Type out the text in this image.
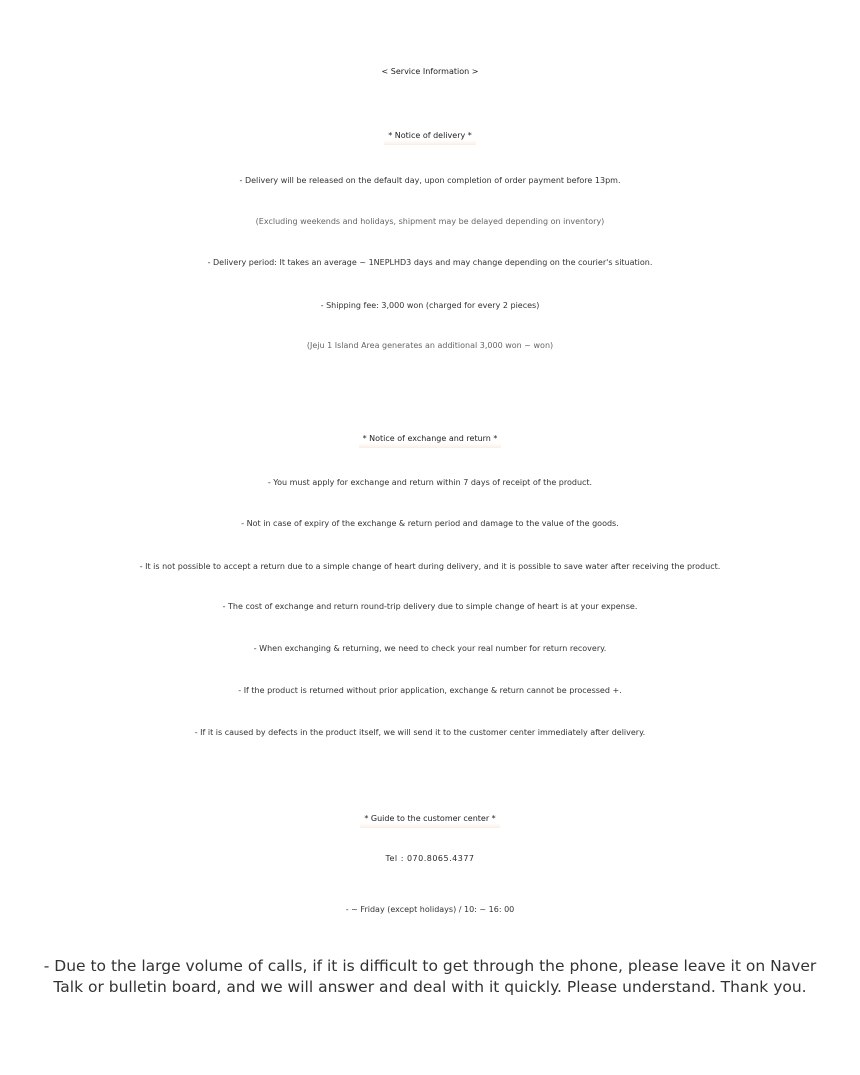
< Service Information >
* Notice of delivery *
- Delivery will be released on the default day, upon completion of order payment before 13pm.
(Excluding weekends and holidays, shipment may be delayed depending on inventory)
- Delivery period: It takes an average ~ 1NEPLHD3 days and may change depending on the courier's situation.
- Shipping fee: 3,000 won (charged for every 2 pieces)
(Jeju 1 Island Area generates an additional 3,000 won ~ won)
* Notice of exchange and return *
- You must apply for exchange and return within 7 days of receipt of the product.
- Not in case of expiry of the exchange & return period and damage to the value of the goods.
- It is not possible to accept a return due to a simple change of heart during delivery, and it is possible to save water after receiving the product.
- The cost of exchange and return round-trip delivery due to simple change of heart is at your expense.
- When exchanging & returning, we need to check your real number for return recovery.
- If the product is returned without prior application, exchange & return cannot be processed +.
- If it is caused by defects in the product itself, we will send it to the customer center immediately after delivery.
* Guide to the customer center *
Tel : 070.8065.4377
- ~ Friday (except holidays) / 10: ~ 16: 00
- Due to the large volume of calls, if it is difficult to get through the phone, please leave it on Naver Talk or bulletin board, and we will answer and deal with it quickly. Please understand. Thank you.
